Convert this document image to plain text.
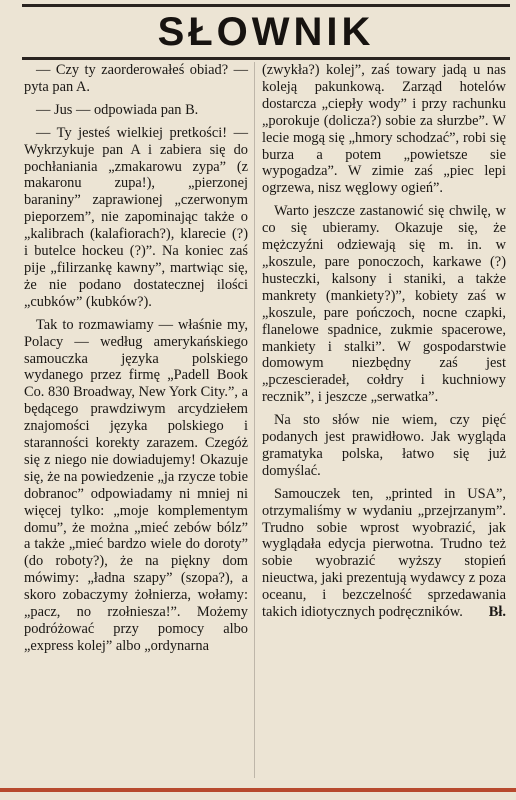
SŁOWNIK

— Czy ty zaorderowałeś obiad? — pyta pan A.

— Jus — odpowiada pan B.

— Ty jesteś wielkiej pretkości! — Wykrzykuje pan A i zabiera się do pochłaniania „zmakarowu zypa” (z makaronu zupa!), „pierzonej baraniny” zaprawionej „czerwonym pieporzem”, nie zapominając także o „kalibrach (kalafiorach?), klarecie (?) i butelce hockeu (?)”. Na koniec zaś pije „filirzankę kawny”, martwiąc się, że nie podano dostatecznej ilości „cubków” (kubków?).

Tak to rozmawiamy — właśnie my, Polacy — według amerykańskiego samouczka języka polskiego wydanego przez firmę „Padell Book Co. 830 Broadway, New York City.”, a będącego prawdziwym arcydziełem znajomości języka polskiego i staranności korekty zarazem. Czegóż się z niego nie dowiadujemy! Okazuje się, że na powiedzenie „ja rzycze tobie dobranoc” odpowiadamy ni mniej ni więcej tylko: „moje komplementym domu”, że można „mieć zebów bólz” a także „mieć bardzo wiele do doroty” (do roboty?), że na piękny dom mówimy: „ładna szapy” (szopa?), a skoro zobaczymy żołnierza, wołamy: „pacz, no rzołniesza!”. Możemy podróżować przy pomocy albo „express kolej” albo „ordynarna

(zwykła?) kolej”, zaś towary jadą u nas koleją pakunkową. Zarząd hotelów dostarcza „ciepły wody” i przy rachunku „porokuje (dolicza?) sobie za słurzbe”. W lecie mogą się „hmory schodzać”, robi się burza a potem „powietsze sie wypogadza”. W zimie zaś „piec lepi ogrzewa, nisz węglowy ogień”.

Warto jeszcze zastanowić się chwilę, w co się ubieramy. Okazuje się, że mężczyźni odziewają się m. in. w „koszule, pare ponoczoch, karkawe (?) husteczki, kalsony i staniki, a także mankrety (mankiety?)”, kobiety zaś w „koszule, pare pończoch, nocne czapki, flanelowe spadnice, zukmie spacerowe, mankiety i stalki”. W gospodarstwie domowym niezbędny zaś jest „pczescieradeł, cołdry i kuchniowy recznik”, i jeszcze „serwatka”.

Na sto słów nie wiem, czy pięć podanych jest prawidłowo. Jak wygląda gramatyka polska, łatwo się już domyślać.

Samouczek ten, „printed in USA”, otrzymaliśmy w wydaniu „przejrzanym”. Trudno sobie wprost wyobrazić, jak wyglądała edycja pierwotna. Trudno też sobie wyobrazić wyższy stopień nieuctwa, jaki prezentują wydawcy z poza oceanu, i bezczelność sprzedawania takich idiotycznych podręczników.	Bł.
